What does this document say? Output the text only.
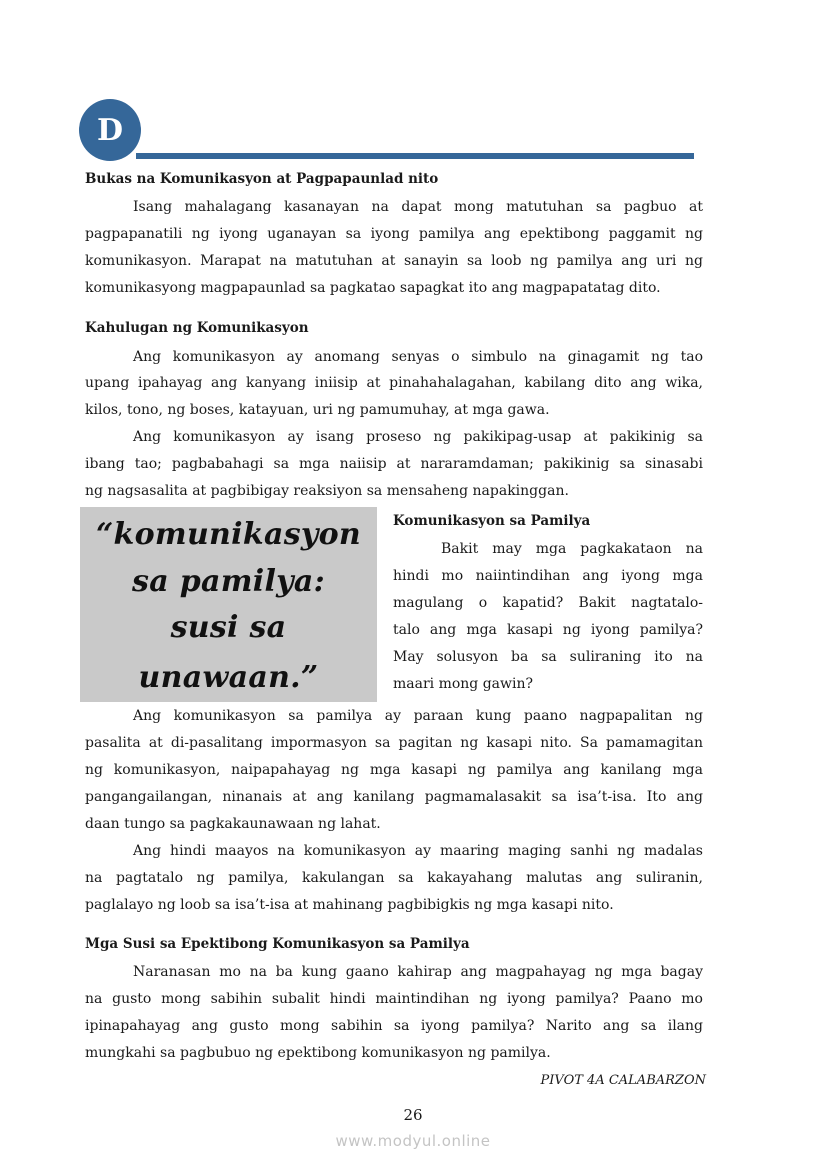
D
“komunikasyon
sa pamilya:
susi sa
unawaan.”
Bukas na Komunikasyon at Pagpapaunlad nito
Isang mahalagang kasanayan na dapat mong matutuhan sa pagbuo at
pagpapanatili ng iyong uganayan sa iyong pamilya ang epektibong paggamit ng
komunikasyon. Marapat na matutuhan at sanayin sa loob ng pamilya ang uri ng
komunikasyong magpapaunlad sa pagkatao sapagkat ito ang magpapatatag dito.
Kahulugan ng Komunikasyon
Ang komunikasyon ay anomang senyas o simbulo na ginagamit ng tao
upang ipahayag ang kanyang iniisip at pinahahalagahan, kabilang dito ang wika,
kilos, tono, ng boses, katayuan, uri ng pamumuhay, at mga gawa.
Ang komunikasyon ay isang proseso ng pakikipag-usap at pakikinig sa
ibang tao; pagbabahagi sa mga naiisip at nararamdaman; pakikinig sa sinasabi
ng nagsasalita at pagbibigay reaksiyon sa mensaheng napakinggan.
Komunikasyon sa Pamilya
Bakit may mga pagkakataon na
hindi mo naiintindihan ang iyong mga
magulang o kapatid? Bakit nagtatalo-
talo ang mga kasapi ng iyong pamilya?
May solusyon ba sa suliraning ito na
maari mong gawin?
Ang komunikasyon sa pamilya ay paraan kung paano nagpapalitan ng
pasalita at di-pasalitang impormasyon sa pagitan ng kasapi nito. Sa pamamagitan
ng komunikasyon, naipapahayag ng mga kasapi ng pamilya ang kanilang mga
pangangailangan, ninanais at ang kanilang pagmamalasakit sa isa’t-isa. Ito ang
daan tungo sa pagkakaunawaan ng lahat.
Ang hindi maayos na komunikasyon ay maaring maging sanhi ng madalas
na pagtatalo ng pamilya, kakulangan sa kakayahang malutas ang suliranin,
paglalayo ng loob sa isa’t-isa at mahinang pagbibigkis ng mga kasapi nito.
Mga Susi sa Epektibong Komunikasyon sa Pamilya
Naranasan mo na ba kung gaano kahirap ang magpahayag ng mga bagay
na gusto mong sabihin subalit hindi maintindihan ng iyong pamilya? Paano mo
ipinapahayag ang gusto mong sabihin sa iyong pamilya? Narito ang sa ilang
mungkahi sa pagbubuo ng epektibong komunikasyon ng pamilya.
PIVOT 4A CALABARZON
26
www.modyul.online
